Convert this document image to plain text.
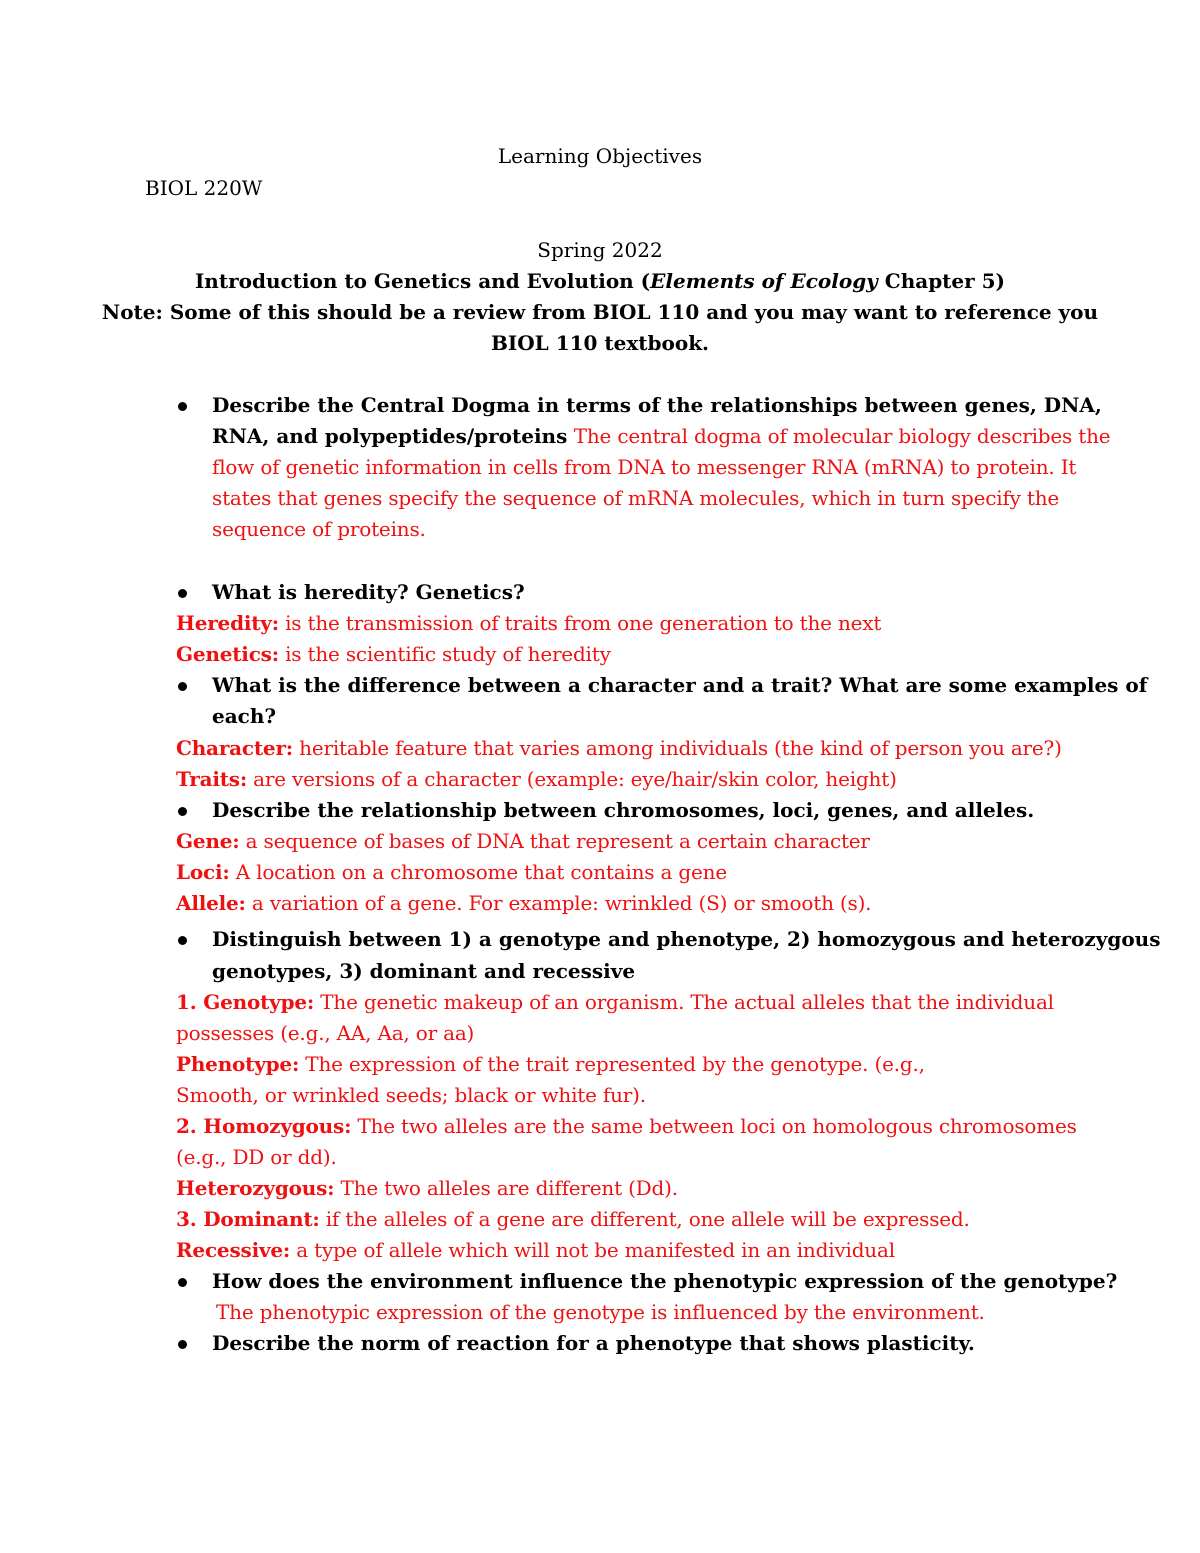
Learning Objectives
BIOL 220W
Spring 2022
Introduction to Genetics and Evolution (Elements of Ecology Chapter 5)
Note: Some of this should be a review from BIOL 110 and you may want to reference you
BIOL 110 textbook.
Describe the Central Dogma in terms of the relationships between genes, DNA,
RNA, and polypeptides/proteins The central dogma of molecular biology describes the
flow of genetic information in cells from DNA to messenger RNA (mRNA) to protein. It
states that genes specify the sequence of mRNA molecules, which in turn specify the
sequence of proteins.
What is heredity? Genetics?
Heredity: is the transmission of traits from one generation to the next
Genetics: is the scientific study of heredity
What is the difference between a character and a trait? What are some examples of
each?
Character: heritable feature that varies among individuals (the kind of person you are?)
Traits: are versions of a character (example: eye/hair/skin color, height)
Describe the relationship between chromosomes, loci, genes, and alleles.
Gene: a sequence of bases of DNA that represent a certain character
Loci: A location on a chromosome that contains a gene
Allele: a variation of a gene. For example: wrinkled (S) or smooth (s).
Distinguish between 1) a genotype and phenotype, 2) homozygous and heterozygous
genotypes, 3) dominant and recessive
1. Genotype: The genetic makeup of an organism. The actual alleles that the individual
possesses (e.g., AA, Aa, or aa)
Phenotype: The expression of the trait represented by the genotype. (e.g.,
Smooth, or wrinkled seeds; black or white fur).
2. Homozygous: The two alleles are the same between loci on homologous chromosomes
(e.g., DD or dd).
Heterozygous: The two alleles are different (Dd).
3. Dominant: if the alleles of a gene are different, one allele will be expressed.
Recessive: a type of allele which will not be manifested in an individual
How does the environment influence the phenotypic expression of the genotype?
The phenotypic expression of the genotype is influenced by the environment.
Describe the norm of reaction for a phenotype that shows plasticity.
